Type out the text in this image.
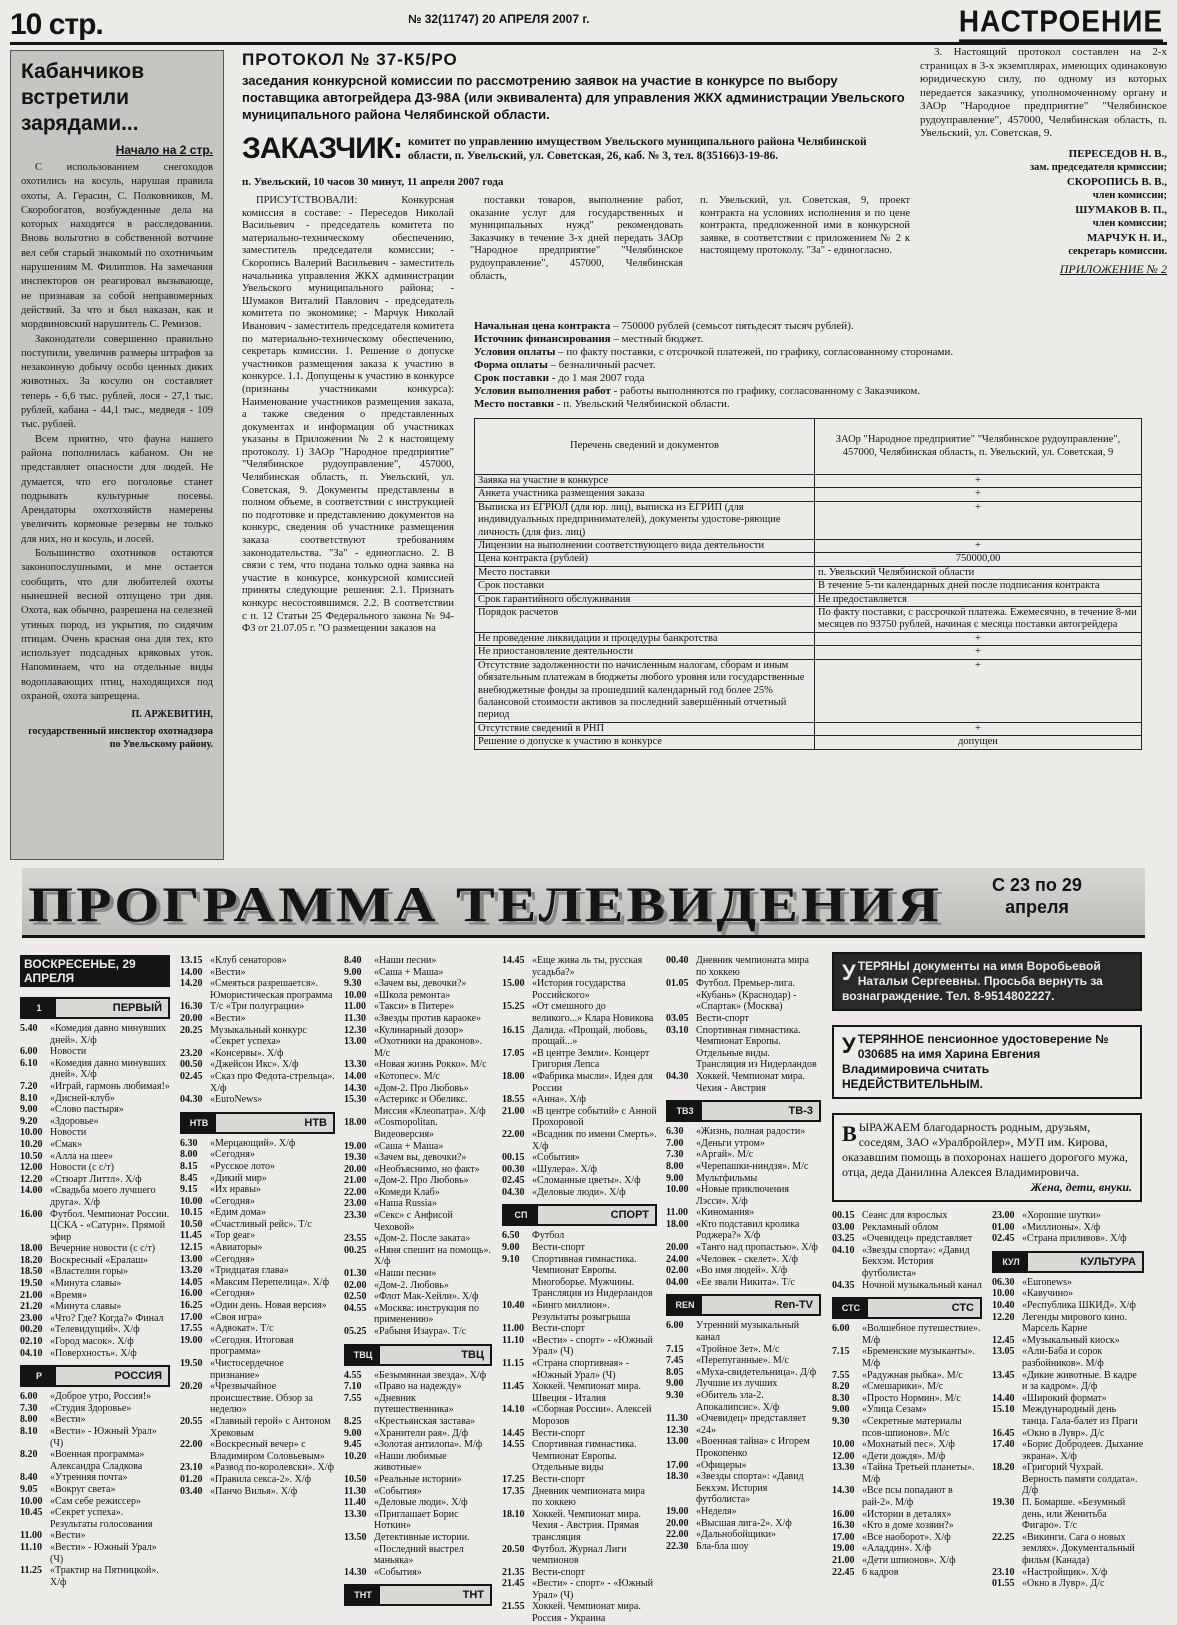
10 стр.	№ 32(11747) 20 АПРЕЛЯ 2007 г.	НАСТРОЕНИЕ
Кабанчиков встретили зарядами...
Начало на 2 стр.

С использованием снегоходов охотились на косуль, нарушая правила охоты, А. Герасин, С. Полковников, М. Скоробогатов, возбужденные дела на которых находятся в расследовании. Вновь вольготно в собственной вотчине вел себя старый знакомый по охотничьим нарушениям М. Филиппов. На замечания инспекторов он реагировал вызывающе, не признавая за собой неправомерных действий. За что и был наказан, как и мордвиновский нарушитель С. Ремизов.

Законодатели совершенно правильно поступили, увеличив размеры штрафов за незаконную добычу особо ценных диких животных. За косулю он составляет теперь - 6,6 тыс. рублей, лося - 27,1 тыс. рублей, кабана - 44,1 тыс., медведя - 109 тыс. рублей.

Всем приятно, что фауна нашего района пополнилась кабаном. Он не представляет опасности для людей. Не думается, что его поголовье станет подрывать культурные посевы. Арендаторы охотхозяйств намерены увеличить кормовые резервы не только для них, но и косуль, и лосей.

Большинство охотников остаются законопослушными, и мне остается сообщить, что для любителей охоты нынешней весной отпущено три дня. Охота, как обычно, разрешена на селезней утиных пород, из укрытия, по сидячим птицам. Очень красная она для тех, кто использует подсадных кряковых уток. Напоминаем, что на отдельные виды водоплавающих птиц, находящихся под охраной, охота запрещена.

П. АРЖЕВИТИН,
государственный инспектор охотнадзора по Увельскому району.
ПРОТОКОЛ № 37-К5/РО
заседания конкурсной комиссии по рассмотрению заявок на участие в конкурсе по выбору поставщика автогрейдера ДЗ-98А (или эквивалента) для управления ЖКХ администрации Увельского муниципального района Челябинской области.
ЗАКАЗЧИК: комитет по управлению имуществом Увельского муниципального района Челябинской области, п. Увельский, ул. Советская, 26, каб. № 3, тел. 8(35166)3-19-86.
п. Увельский, 10 часов 30 минут, 11 апреля 2007 года
ПРИСУТСТВОВАЛИ: Конкурсная комиссия в составе: - Переседов Николай Васильевич - председатель комитета по материально-техническому обеспечению, заместитель председателя комиссии; - Скоропись Валерий Васильевич - заместитель начальника управления ЖКХ администрации Увельского муниципального района; - Шумаков Виталий Павлович - председатель комитета по экономике; - Марчук Николай Иванович - заместитель председателя комитета по материально-техническому обеспечению, секретарь комиссии. 1. Решение о допуске участников размещения заказа к участию в конкурсе. 1.1. Допущены к участию в конкурсе (признаны участниками конкурса): Наименование участников размещения заказа, а также сведения о представленных документах и информация об участниках указаны в Приложении № 2 к настоящему протоколу. 1) ЗАОр "Народное предприятие" "Челябинское рудоуправление", 457000, Челябинская область, п. Увельский, ул. Советская, 9. Документы представлены в полном объеме, в соответствии с инструкцией по подготовке и представлению документов на конкурс, сведения об участнике размещения заказа соответствуют требованиям законодательства. "За" - единогласно. 2. В связи с тем, что подана только одна заявка на участие в конкурсе, конкурсной комиссией приняты следующие решения: 2.1. Признать конкурс несостоявшимся. 2.2. В соответствии с п. 12 Статьи 25 Федерального закона № 94-ФЗ от 21.07.05 г. "О размещении заказов на
поставки товаров, выполнение работ, оказание услуг для государственных и муниципальных нужд" рекомендовать Заказчику в течение 3-х дней передать ЗАОр "Народное предприятие" "Челябинское рудоуправление", 457000, Челябинская область,
п. Увельский, ул. Советская, 9, проект контракта на условиях исполнения и по цене контракта, предложенной ими в конкурсной заявке, в соответствии с приложением № 2 к настоящему протоколу. "За" - единогласно.
3. Настоящий протокол составлен на 2-х страницах в 3-х экземплярах, имеющих одинаковую юридическую силу, по одному из которых передается заказчику, уполномоченному органу и ЗАОр "Народное предприятие" "Челябинское рудоуправление", 457000, Челябинская область, п. Увельский, ул. Советская, 9.
ПЕРЕСЕДОВ Н. В.,
зам. председателя крмиссии;
СКОРОПИСЬ В. В.,
член комиссии;
ШУМАКОВ В. П.,
член комиссии;
МАРЧУК Н. И.,
секретарь комиссии.
ПРИЛОЖЕНИЕ № 2
Начальная цена контракта – 750000 рублей (семьсот пятьдесят тысяч рублей).
Источник финансирования – местный бюджет.
Условия оплаты – по факту поставки, с отсрочкой платежей, по графику, согласованному сторонами.
Форма оплаты – безналичный расчет.
Срок поставки - до 1 мая 2007 года
Условия выполнения работ - работы выполняются по графику, согласованному с Заказчиком.
Место поставки - п. Увельский Челябинской области.
Перечень сведений и документов	ЗАОр "Народное предприятие" "Челябинское рудоуправление", 457000, Челябинская область, п. Увельский, ул. Советская, 9
Заявка на участие в конкурсе	+
Анкета участника размещения заказа	+
Выписка из ЕГРЮЛ (для юр. лиц), выписка из ЕГРИП (для индивидуальных предпринимателей), документы удостове-ряющие личность (для физ. лиц)	+
Лицензии на выполнении соответствующего вида деятельности	+
Цена контракта (рублей)	750000,00
Место поставки	п. Увельский Челябинской области
Срок поставки	В течение 5-ти календарных дней после подписания контракта
Срок гарантийного обслуживания	Не предоставляется
Порядок расчетов	По факту поставки, с рассрочкой платежа. Ежемесячно, в течение 8-ми месяцев по 93750 рублей, начиная с месяца поставки автогрейдера
Не проведение ликвидации и процедуры банкротства	+
Не приостановление деятельности	+
Отсутствие задолженности по начисленным налогам, сборам и иным обязательным платежам в бюджеты любого уровня или государственные внебюджетные фонды за прошедший календарный год более 25% балансовой стоимости активов за последний завершённый отчетный период	+
Отсутствие сведений в РНП	+
Решение о допуске к участию в конкурсе	допущен
ПРОГРАММА ТЕЛЕВИДЕНИЯ	С 23 по 29 апреля
ВОСКРЕСЕНЬЕ, 29 АПРЕЛЯ
1	ПЕРВЫЙ
5.40	«Комедия давно минувших дней». Х/ф
6.00	Новости
6.10	«Комедия давно минувших дней». Х/ф
7.20	«Играй, гармонь любимая!»
8.10	«Дисней-клуб»
9.00	«Слово пастыря»
9.20	«Здоровье»
10.00 Новости
10.20 «Смак»
10.50 «Алла на шее»
12.00 Новости (с с/т)
12.20 «Стюарт Литтл». Х/ф
14.00 «Свадьба моего лучшего друга». Х/ф
16.00 Футбол. Чемпионат России. ЦСКА - «Сатурн». Прямой эфир
18.00 Вечерние новости (с с/т)
18.20 Воскресный «Ералаш»
18.50 «Властелин горы»
19.50 «Минута славы»
21.00 «Время»
21.20 «Минута славы»
23.00 «Что? Где? Когда?» Финал
00.20 «Телевидущий». Х/ф
02.10 «Город масок». Х/ф
04.10 «Поверхность». Х/ф
Р	РОССИЯ
6.00	«Доброе утро, Россия!»
7.30	«Студия Здоровье»
8.00	«Вести»
8.10	«Вести» - Южный Урал» (Ч)
8.20	«Военная программа» Александра Сладкова
8.40	«Утренняя почта»
9.05	«Вокруг света»
10.00 «Сам себе режиссер»
10.45 «Секрет успеха». Результаты голосования
11.00 «Вести»
11.10 «Вести» - Южный Урал» (Ч)
11.25 «Трактир на Пятницкой». Х/ф
13.15 «Клуб сенаторов»
14.00 «Вести»
14.20 «Смеяться разрешается». Юмористическая программа
16.30 Т/с «Три полуграции»
20.00 «Вести»
20.25 Музыкальный конкурс «Секрет успеха»
23.20 «Консервы». Х/ф
00.50 «Джейсон Икс». Х/ф
02.45 «Сказ про Федота-стрельца». Х/ф
04.30 «EuroNews»
НТВ	НТВ
6.30	«Мерцающий». Х/ф
8.00	«Сегодня»
8.15	«Русское лото»
8.45	«Дикий мир»
9.15	«Их нравы»
10.00 «Сегодня»
10.15 «Едим дома»
10.50 «Счастливый рейс». Т/с
11.45 «Top gear»
12.15 «Авиаторы»
13.00 «Сегодня»
13.20 «Тридцатая глава»
14.05 «Максим Перепелица». Х/ф
16.00 «Сегодня»
16.25 «Один день. Новая версия»
17.00 «Своя игра»
17.55 «Адвокат». Т/с
19.00 «Сегодня. Итоговая программа»
19.50 «Чистосердечное признание»
20.20 «Чрезвычайное происшествие. Обзор за неделю»
20.55 «Главный герой» с Антоном Хрековым
22.00 «Воскресный вечер» с Владимиром Соловьевым»
23.10 «Развод по-королевски». Х/ф
01.20 «Правила секса-2». Х/ф
03.40 «Панчо Вилья». Х/ф
8.40	«Наши песни»
9.00	«Саша + Маша»
9.30	«Зачем вы, девочки?»
10.00 «Школа ремонта»
11.00 «Такси» в Питере»
11.30 «Звезды против караоке»
12.30 «Кулинарный дозор»
13.00 «Охотники на драконов». М/с
13.30 «Новая жизнь Рокко». М/с
14.00 «Котопес». М/с
14.30 «Дом-2. Про Любовь»
15.30 «Астерикс и Обеликс. Миссия «Клеопатра». Х/ф
18.00 «Cosmopolitan. Видеоверсия»
19.00 «Саша + Маша»
19.30 «Зачем вы, девочки?»
20.00 «Необъяснимо, но факт»
21.00 «Дом-2. Про Любовь»
22.00 «Комеди Клаб»
23.00 «Наша Russia»
23.30 «Секс» с Анфисой Чеховой»
23.55 «Дом-2. После заката»
00.25 «Няня спешит на помощь». Х/ф
01.30 «Наши песни»
02.00 «Дом-2. Любовь»
02.50 «Флот Мак-Хейли». Х/ф
04.55 «Москва: инструкция по применению»
05.25 «Рабыня Изаура». Т/с
ТВЦ	ТВЦ
4.55	«Безымянная звезда». Х/ф
7.10	«Право на надежду»
7.55	«Дневник путешественника»
8.25	«Крестьянская застава»
9.00	«Хранители рая». Д/ф
9.45	«Золотая антилопа». М/ф
10.20 «Наши любимые животные»
10.50 «Реальные истории»
11.30 «События»
11.40 «Деловые люди». Х/ф
13.30 «Приглашает Борис Ноткин»
13.50 Детективные истории. «Последний выстрел маньяка»
14.30 «События»
ТНТ	ТНТ
14.45 «Еще жива ль ты, русская усадьба?»
15.00 «История государства Российского»
15.25 «От смешного до великого...» Клара Новикова
16.15 Далида. «Прощай, любовь, прощай...»
17.05 «В центре Земли». Концерт Григория Лепса
18.00 «Фабрика мысли». Идея для России
18.55 «Анна». Х/ф
21.00 «В центре событий» с Анной Прохоровой
22.00 «Всадник по имени Смерть». Х/ф
00.15 «События»
00.30 «Шулера». Х/ф
02.45 «Сломанные цветы». Х/ф
04.30 «Деловые люди». Х/ф
СП	СПОРТ
6.50	Футбол
9.00	Вести-спорт
9.10	Спортивная гимнастика. Чемпионат Европы. Многоборье. Мужчины. Трансляция из Нидерландов
10.40 «Бинго миллион». Результаты розыгрыша
11.00 Вести-спорт
11.10 «Вести» - спорт» - «Южный Урал» (Ч)
11.15 «Страна спортивная» - «Южный Урал» (Ч)
11.45 Хоккей. Чемпионат мира. Швеция - Италия
14.10 «Сборная России». Алексей Морозов
14.45 Вести-спорт
14.55 Спортивная гимнастика. Чемпионат Европы. Отдельные виды
17.25 Вести-спорт
17.35 Дневник чемпионата мира по хоккею
18.10 Хоккей. Чемпионат мира. Чехия - Австрия. Прямая трансляция
20.50 Футбол. Журнал Лиги чемпионов
21.35 Вести-спорт
21.45 «Вести» - спорт» - «Южный Урал» (Ч)
21.55 Хоккей. Чемпионат мира. Россия - Украина
00.40 Дневник чемпионата мира по хоккею
01.05 Футбол. Премьер-лига. «Кубань» (Краснодар) - «Спартак» (Москва)
03.05 Вести-спорт
03.10 Спортивная гимнастика. Чемпионат Европы. Отдельные виды. Трансляция из Нидерландов
04.30 Хоккей. Чемпионат мира. Чехия - Австрия
ТВ3	ТВ-3
6.30	«Жизнь, полная радости»
7.00	«Деньги утром»
7.30	«Аргай». М/с
8.00	«Черепашки-ниндзя». М/с
9.00	Мультфильмы
10.00 «Новые приключения Лэсси». Х/ф
11.00 «Киномания»
18.00 «Кто подставил кролика Роджера?» Х/ф
20.00 «Танго над пропастью». Х/ф
24.00 «Человек - скелет». Х/ф
02.00 «Во имя людей». Х/ф
04.00 «Ее звали Никита». Т/с
REN	Ren-TV
6.00	Утренний музыкальный канал
7.15	«Тройное Зет». М/с
7.45	«Перепуганные». М/с
8.05	«Муха-свидетельница». Д/ф
9.00	Лучшие из лучших
9.30	«Обитель зла-2. Апокалипсис». Х/ф
11.30 «Очевидец» представляет
12.30 «24»
13.00 «Военная тайна» с Игорем Прокопенко
17.00 «Офицеры»
18.30 «Звезды спорта»: «Давид Бекхэм. История футболиста»
19.00 «Неделя»
20.00 «Высшая лига-2». Х/ф
22.00 «Дальнобойщики»
22.30 Бла-бла шоу
УТЕРЯНЫ документы на имя Воробьевой Натальи Сергеевны. Просьба вернуть за вознаграждение. Тел. 8-9514802227.
УТЕРЯННОЕ пенсионное удостоверение № 030685 на имя Харина Евгения Владимировича считать НЕДЕЙСТВИТЕЛЬНЫМ.
ВЫРАЖАЕМ благодарность родным, друзьям, соседям, ЗАО «Уралбройлер», МУП им. Кирова, оказавшим помощь в похоронах нашего дорогого мужа, отца, деда Данилина Алексея Владимировича.
Жена, дети, внуки.
00.15 Сеанс для взрослых
03.00 Рекламный облом
03.25 «Очевидец» представляет
04.10 «Звезды спорта»: «Давид Бекхэм. История футболиста»
04.35 Ночной музыкальный канал
СТС	СТС
6.00	«Волшебное путешествие». М/ф
7.15	«Бременские музыканты». М/ф
7.55	«Радужная рыбка». М/с
8.20	«Смешарики». М/с
8.30	«Просто Нормин». М/с
9.00	«Улица Сезам»
9.30	«Секретные материалы псов-шпионов». М/с
10.00 «Мохнатый пес». Х/ф
12.00 «Дети дождя». М/ф
13.30 «Тайна Третьей планеты». М/ф
14.30 «Все псы попадают в рай-2». М/ф
16.00 «Истории в деталях»
16.30 «Кто в доме хозяин?»
17.00 «Все наоборот». Х/ф
19.00 «Аладдин». Х/ф
21.00 «Дети шпионов». Х/ф
22.45 6 кадров
23.00 «Хорошие шутки»
01.00 «Миллионы». Х/ф
02.45 «Страна приливов». Х/ф
КУЛ	КУЛЬТУРА
06.30 «Euronews»
10.00 «Кавучино»
10.40 «Республика ШКИД». Х/ф
12.20 Легенды мирового кино. Марсель Карне
12.45 «Музыкальный киоск»
13.05 «Али-Баба и сорок разбойников». М/ф
13.45 «Дикие животные. В кадре и за кадром». Д/ф
14.40 «Широкий формат»
15.10 Международный день танца. Гала-балет из Праги
16.45 «Окно в Лувр». Д/с
17.40 «Борис Добродеев. Дыхание экрана». Х/ф
18.20 «Григорий Чухрай. Верность памяти солдата». Д/ф
19.30 П. Бомарше. «Безумный день, или Женитьба Фигаро». Т/с
22.25 «Викинги. Сага о новых землях». Документальный фильм (Канада)
23.10 «Настройщик». Х/ф
01.55 «Окно в Лувр». Д/с
